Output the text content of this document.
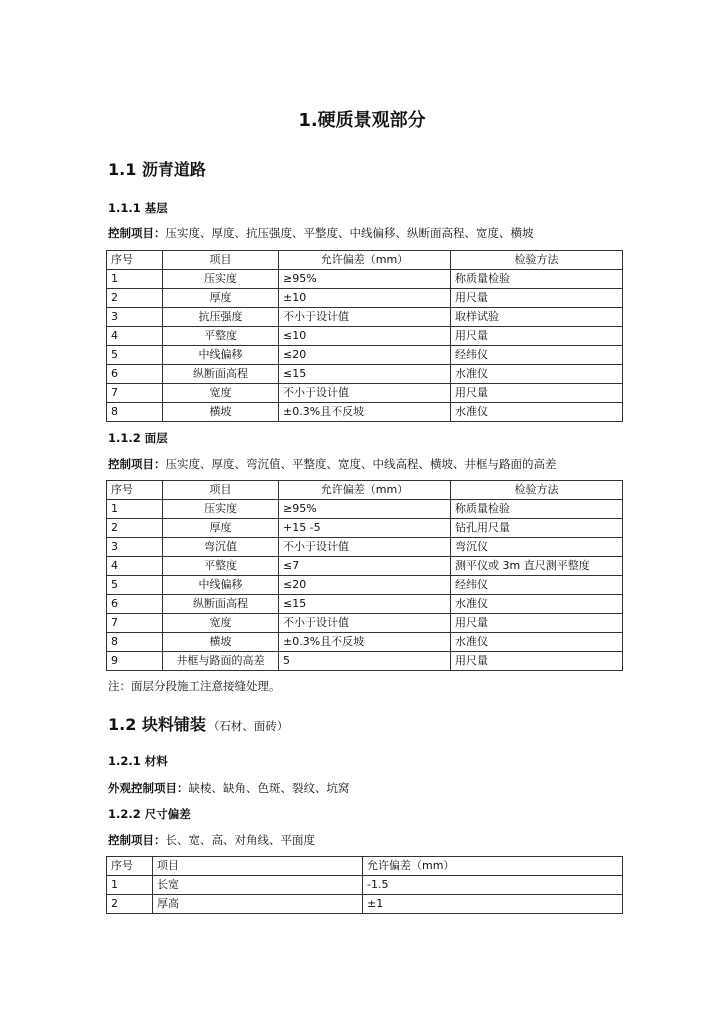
1.硬质景观部分
1.1 沥青道路
1.1.1 基层
控制项目：压实度、厚度、抗压强度、平整度、中线偏移、纵断面高程、宽度、横坡
序号	项目	允许偏差（mm）	检验方法
1	压实度	≥95%	称质量检验
2	厚度	±10	用尺量
3	抗压强度	不小于设计值	取样试验
4	平整度	≤10	用尺量
5	中线偏移	≤20	经纬仪
6	纵断面高程	≤15	水准仪
7	宽度	不小于设计值	用尺量
8	横坡	±0.3%且不反坡	水准仪
1.1.2 面层
控制项目：压实度、厚度、弯沉值、平整度、宽度、中线高程、横坡、井框与路面的高差
序号	项目	允许偏差（mm）	检验方法
1	压实度	≥95%	称质量检验
2	厚度	+15 -5	钻孔用尺量
3	弯沉值	不小于设计值	弯沉仪
4	平整度	≤7	测平仪或 3m 直尺测平整度
5	中线偏移	≤20	经纬仪
6	纵断面高程	≤15	水准仪
7	宽度	不小于设计值	用尺量
8	横坡	±0.3%且不反坡	水准仪
9	井框与路面的高差	5	用尺量
注：面层分段施工注意接缝处理。
1.2 块料铺装 （石材、面砖）
1.2.1 材料
外观控制项目：缺棱、缺角、色斑、裂纹、坑窝
1.2.2 尺寸偏差
控制项目：长、宽、高、对角线、平面度
序号	项目	允许偏差（mm）
1	长宽	-1.5
2	厚高	±1
